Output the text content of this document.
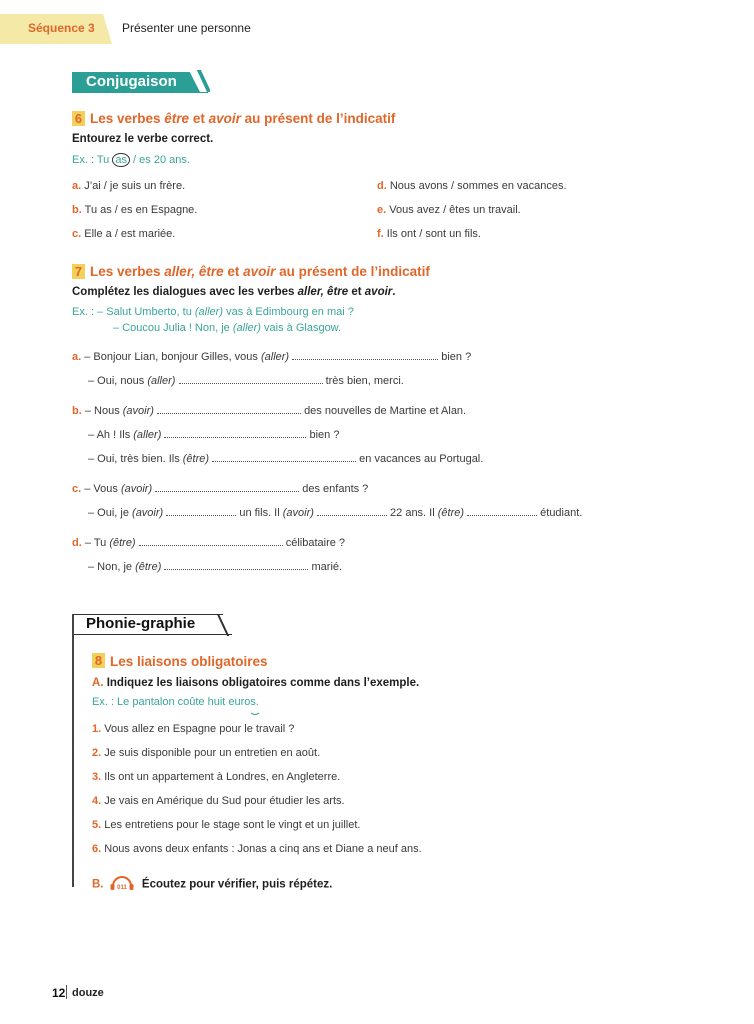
Séquence 3 Présenter une personne
Conjugaison
6 Les verbes être et avoir au présent de l’indicatif
Entourez le verbe correct.
Ex. : Tu as / es 20 ans.
a. J’ai / je suis un frère.
b. Tu as / es en Espagne.
c. Elle a / est mariée.
d. Nous avons / sommes en vacances.
e. Vous avez / êtes un travail.
f. Ils ont / sont un fils.
7 Les verbes aller, être et avoir au présent de l’indicatif
Complétez les dialogues avec les verbes aller, être et avoir.
Ex. : – Salut Umberto, tu (aller) vas à Edimbourg en mai ?
– Coucou Julia ! Non, je (aller) vais à Glasgow.
a. – Bonjour Lian, bonjour Gilles, vous (aller)	bien ?
– Oui, nous (aller)	très bien, merci.
b. – Nous (avoir)	des nouvelles de Martine et Alan.
– Ah ! Ils (aller)	bien ?
– Oui, très bien. Ils (être)	en vacances au Portugal.
c. – Vous (avoir)	des enfants ?
– Oui, je (avoir)	un fils. Il (avoir)	22 ans. Il (être)	étudiant.
d. – Tu (être)	célibataire ?
– Non, je (être)	marié.
Phonie-graphie
8 Les liaisons obligatoires
A. Indiquez les liaisons obligatoires comme dans l’exemple.
Ex. : Le pantalon coûte huit euros.
1. Vous allez en Espagne pour le travail ?
2. Je suis disponible pour un entretien en août.
3. Ils ont un appartement à Londres, en Angleterre.
4. Je vais en Amérique du Sud pour étudier les arts.
5. Les entretiens pour le stage sont le vingt et un juillet.
6. Nous avons deux enfants : Jonas a cinq ans et Diane a neuf ans.
B. 011 Écoutez pour vérifier, puis répétez.
12 douze
